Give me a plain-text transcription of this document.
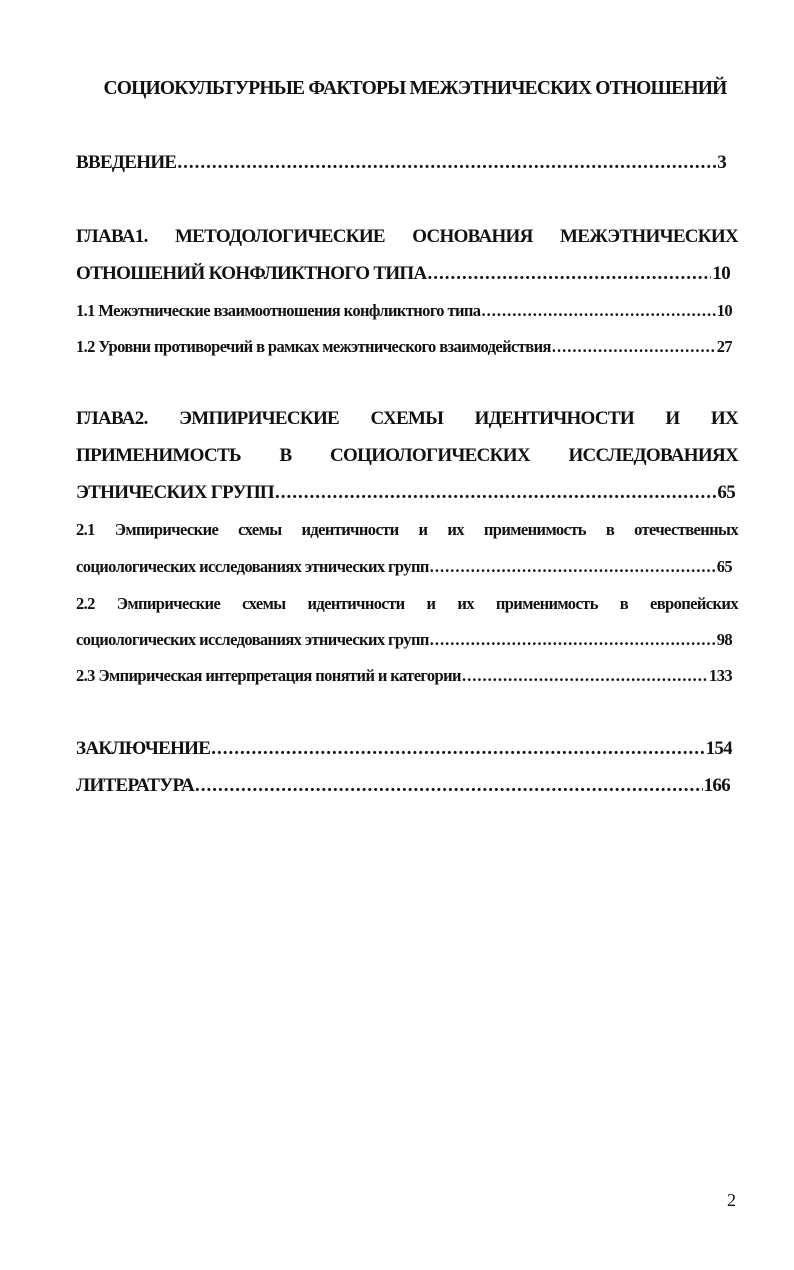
СОЦИОКУЛЬТУРНЫЕ ФАКТОРЫ МЕЖЭТНИЧЕСКИХ ОТНОШЕНИЙ
ВВЕДЕНИЕ .....	3
ГЛАВА1. МЕТОДОЛОГИЧЕСКИЕ ОСНОВАНИЯ МЕЖЭТНИЧЕСКИХ
ОТНОШЕНИЙ КОНФЛИКТНОГО ТИПА .....	10
1.1 Межэтнические взаимоотношения конфликтного типа .....	10
1.2 Уровни противоречий в рамках межэтнического взаимодействия .....	27
ГЛАВА2. ЭМПИРИЧЕСКИЕ СХЕМЫ ИДЕНТИЧНОСТИ И ИХ
ПРИМЕНИМОСТЬ В СОЦИОЛОГИЧЕСКИХ ИССЛЕДОВАНИЯХ
ЭТНИЧЕСКИХ ГРУПП .....	65
2.1 Эмпирические схемы идентичности и их применимость в отечественных
социологических исследованиях этнических групп .....	65
2.2 Эмпирические схемы идентичности и их применимость в европейских
социологических исследованиях этнических групп .....	98
2.3 Эмпирическая интерпретация понятий и категории .....	133
ЗАКЛЮЧЕНИЕ .....	154
ЛИТЕРАТУРА .....	166
2
